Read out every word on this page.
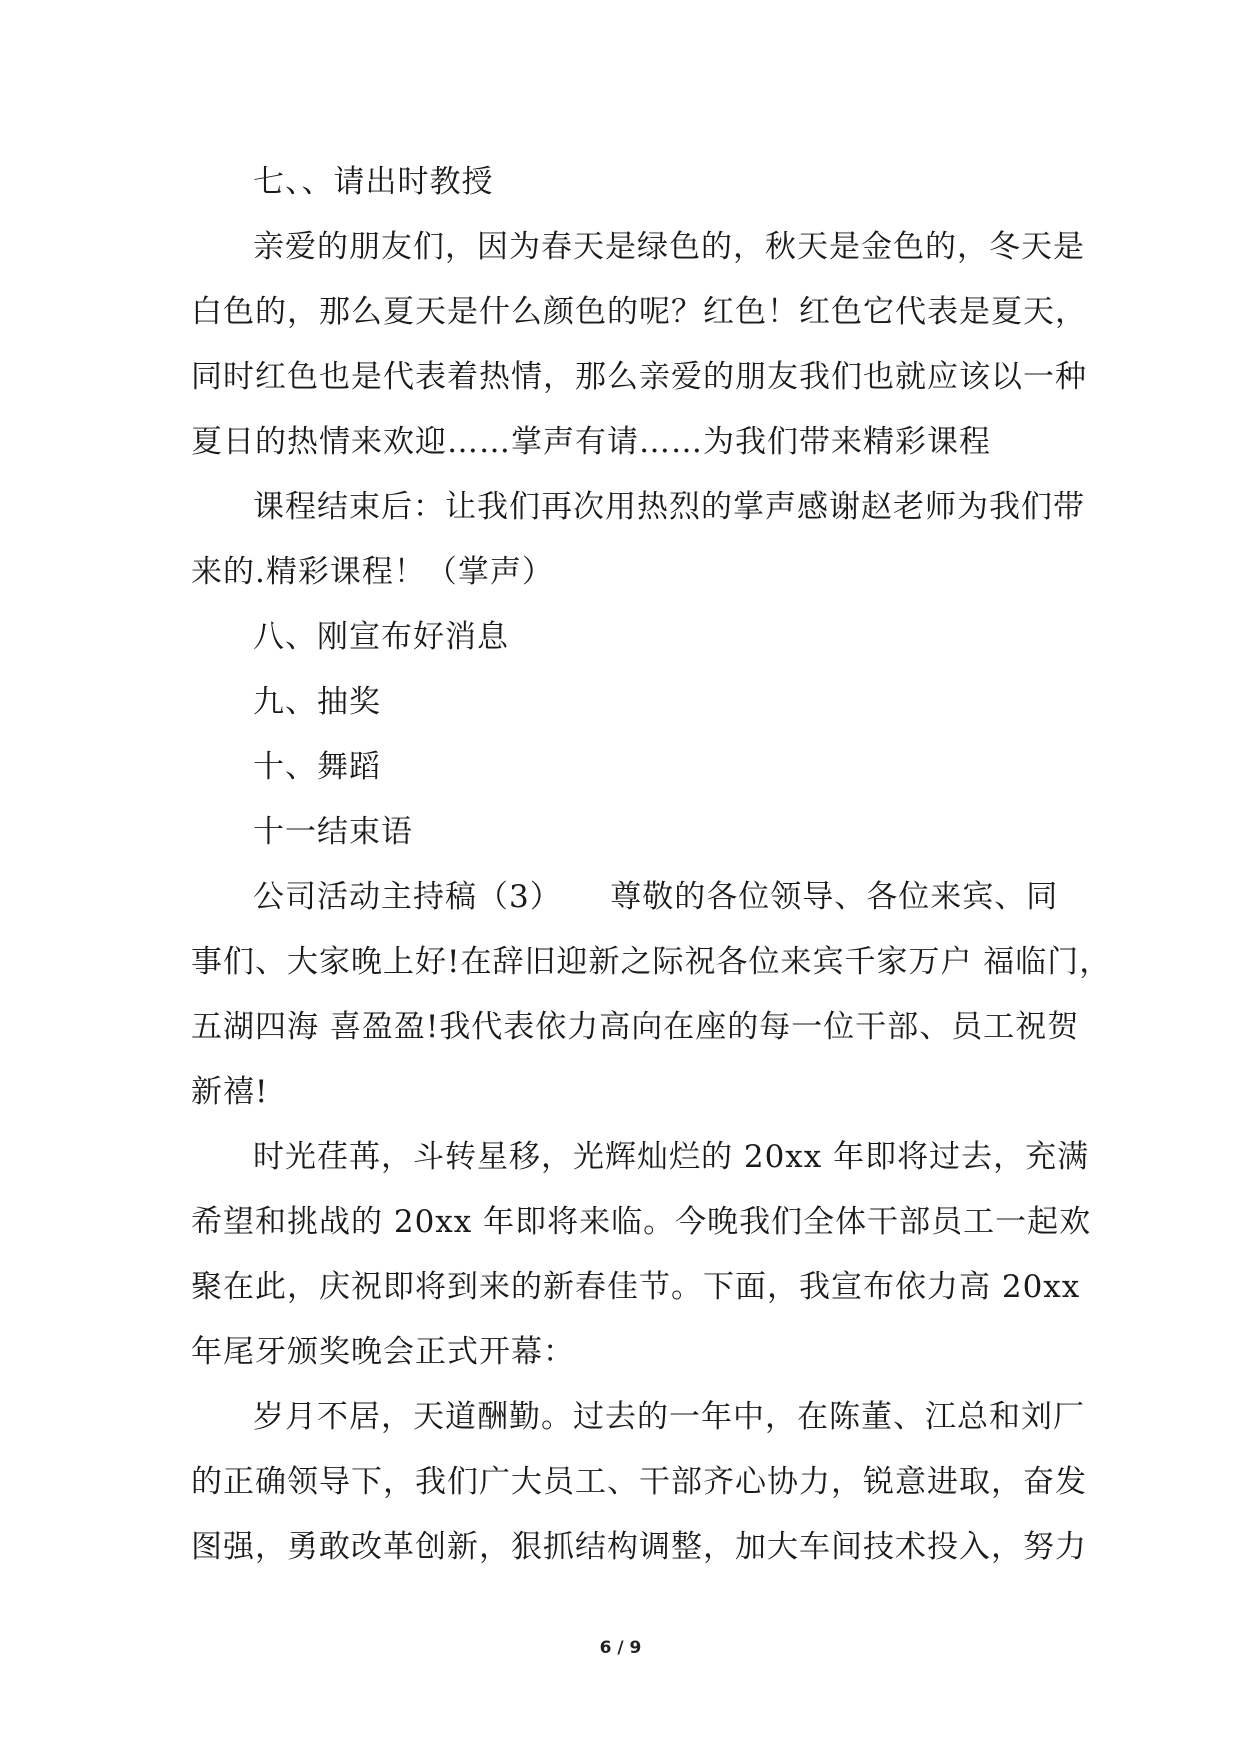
七、、请出时教授
亲爱的朋友们，因为春天是绿色的，秋天是金色的，冬天是
白色的，那么夏天是什么颜色的呢？红色！红色它代表是夏天，
同时红色也是代表着热情，那么亲爱的朋友我们也就应该以一种
夏日的热情来欢迎……掌声有请……为我们带来精彩课程
课程结束后：让我们再次用热烈的掌声感谢赵老师为我们带
来的.精彩课程！（掌声）
八、刚宣布好消息
九、抽奖
十、舞蹈
十一结束语
公司活动主持稿（3）　　尊敬的各位领导、各位来宾、同
事们、大家晚上好!在辞旧迎新之际祝各位来宾千家万户 福临门，
五湖四海 喜盈盈!我代表依力高向在座的每一位干部、员工祝贺
新禧!
时光荏苒，斗转星移，光辉灿烂的 20xx 年即将过去，充满
希望和挑战的 20xx 年即将来临。今晚我们全体干部员工一起欢
聚在此，庆祝即将到来的新春佳节。下面，我宣布依力高 20xx
年尾牙颁奖晚会正式开幕：
岁月不居，天道酬勤。过去的一年中，在陈董、江总和刘厂
的正确领导下，我们广大员工、干部齐心协力，锐意进取，奋发
图强，勇敢改革创新，狠抓结构调整，加大车间技术投入，努力
6 / 9
